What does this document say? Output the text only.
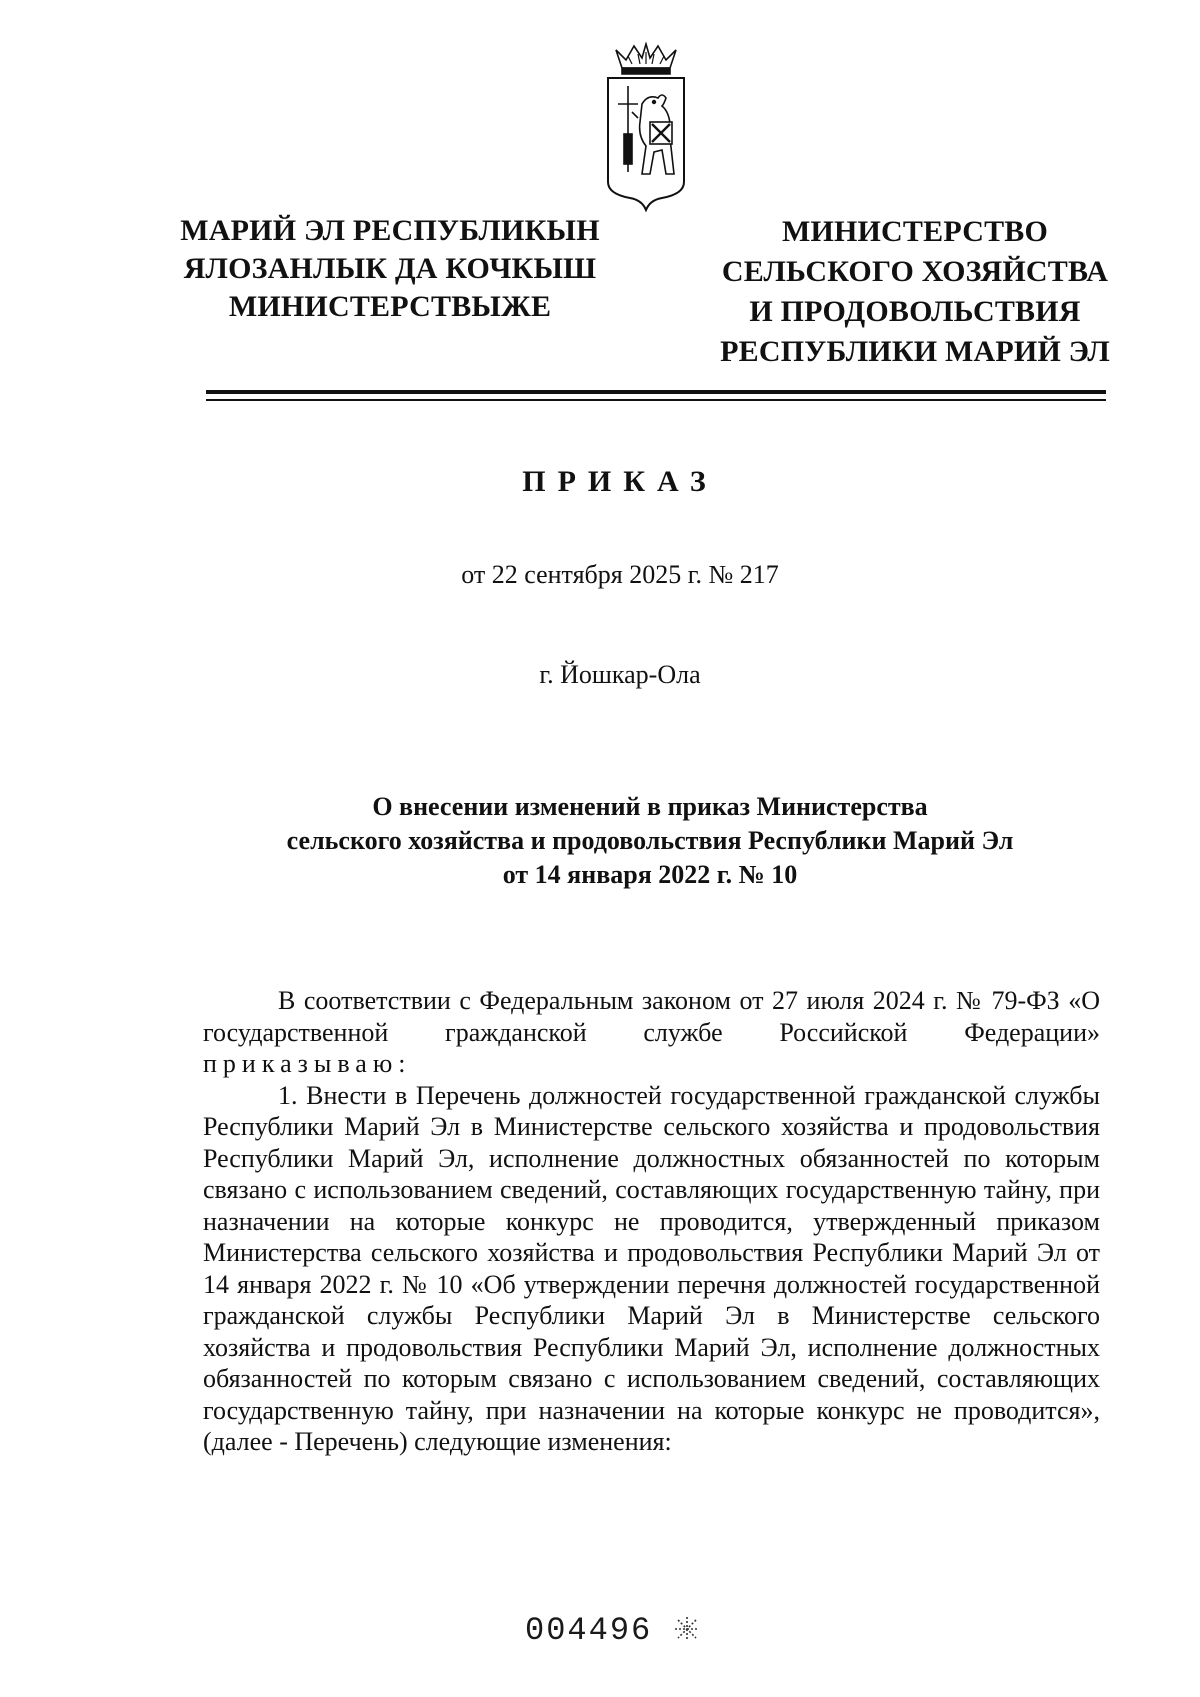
МАРИЙ ЭЛ РЕСПУБЛИКЫН
ЯЛОЗАНЛЫК ДА КОЧКЫШ
МИНИСТЕРСТВЫЖЕ
МИНИСТЕРСТВО
СЕЛЬСКОГО ХОЗЯЙСТВА
И ПРОДОВОЛЬСТВИЯ
РЕСПУБЛИКИ МАРИЙ ЭЛ
ПРИКАЗ
от 22 сентября 2025 г. № 217
г. Йошкар-Ола
О внесении изменений в приказ Министерства
сельского хозяйства и продовольствия Республики Марий Эл
от 14 января 2022 г. № 10

В соответствии с Федеральным законом от 27 июля 2024 г. № 79-ФЗ «О государственной гражданской службе Российской Федерации» приказываю:

1. Внести в Перечень должностей государственной гражданской службы Республики Марий Эл в Министерстве сельского хозяйства и продовольствия Республики Марий Эл, исполнение должностных обязанностей по которым связано с использованием сведений, составляющих государственную тайну, при назначении на которые конкурс не проводится, утвержденный приказом Министерства сельского хозяйства и продовольствия Республики Марий Эл от 14 января 2022 г. № 10 «Об утверждении перечня должностей государственной гражданской службы Республики Марий Эл в Министерстве сельского хозяйства и продовольствия Республики Марий Эл, исполнение должностных обязанностей по которым связано с использованием сведений, составляющих государственную тайну, при назначении на которые конкурс не проводится», (далее - Перечень) следующие изменения:

004496
